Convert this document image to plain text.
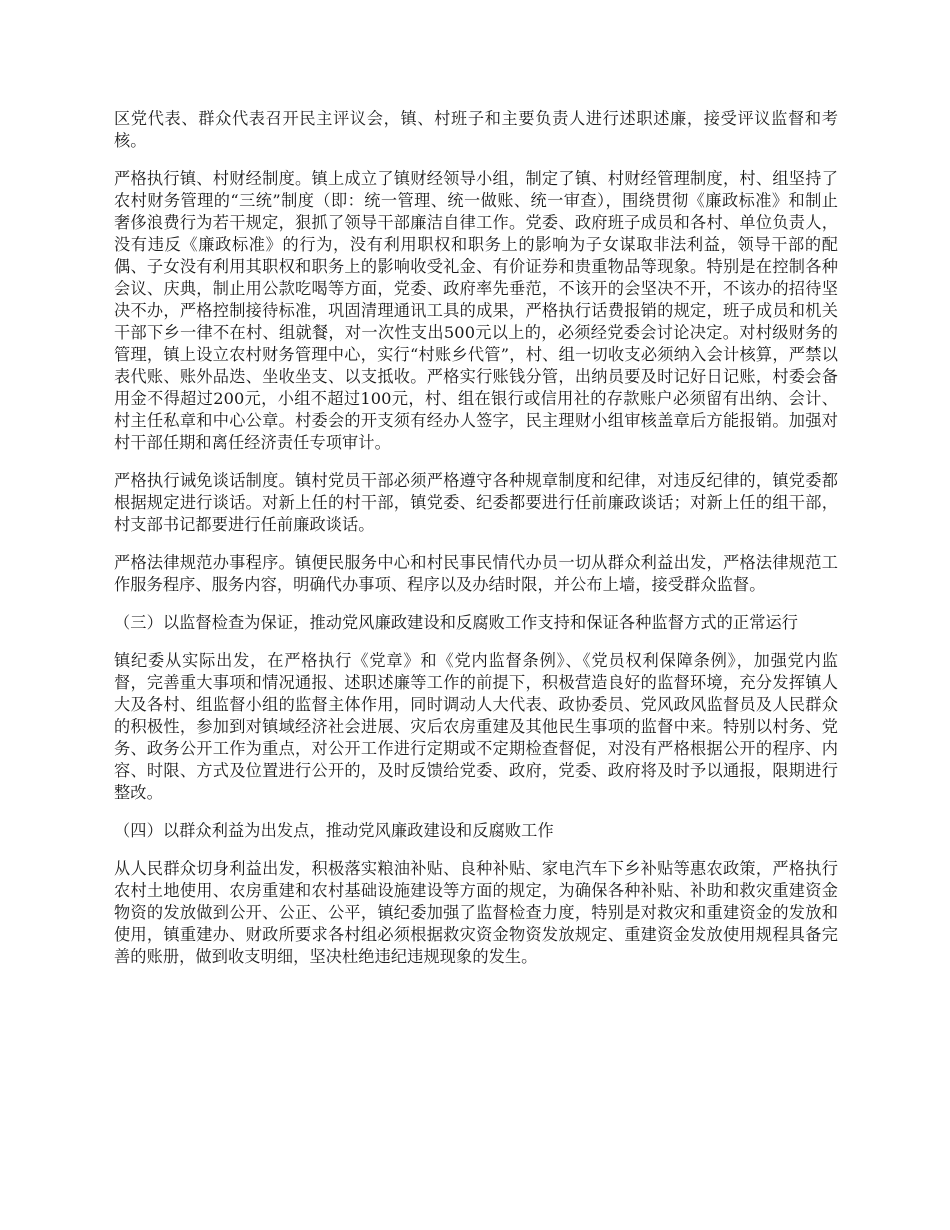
区党代表、群众代表召开民主评议会，镇、村班子和主要负责人进行述职述廉，接受评议监督和考核。

严格执行镇、村财经制度。镇上成立了镇财经领导小组，制定了镇、村财经管理制度，村、组坚持了农村财务管理的“三统”制度（即：统一管理、统一做账、统一审查），围绕贯彻《廉政标准》和制止奢侈浪费行为若干规定，狠抓了领导干部廉洁自律工作。党委、政府班子成员和各村、单位负责人，没有违反《廉政标准》的行为，没有利用职权和职务上的影响为子女谋取非法利益，领导干部的配偶、子女没有利用其职权和职务上的影响收受礼金、有价证券和贵重物品等现象。特别是在控制各种会议、庆典，制止用公款吃喝等方面，党委、政府率先垂范，不该开的会坚决不开，不该办的招待坚决不办，严格控制接待标准，巩固清理通讯工具的成果，严格执行话费报销的规定，班子成员和机关干部下乡一律不在村、组就餐，对一次性支出500元以上的，必须经党委会讨论决定。对村级财务的管理，镇上设立农村财务管理中心，实行“村账乡代管”，村、组一切收支必须纳入会计核算，严禁以表代账、账外品迭、坐收坐支、以支抵收。严格实行账钱分管，出纳员要及时记好日记账，村委会备用金不得超过200元，小组不超过100元，村、组在银行或信用社的存款账户必须留有出纳、会计、村主任私章和中心公章。村委会的开支须有经办人签字，民主理财小组审核盖章后方能报销。加强对村干部任期和离任经济责任专项审计。

严格执行诫免谈话制度。镇村党员干部必须严格遵守各种规章制度和纪律，对违反纪律的，镇党委都根据规定进行谈话。对新上任的村干部，镇党委、纪委都要进行任前廉政谈话；对新上任的组干部，村支部书记都要进行任前廉政谈话。

严格法律规范办事程序。镇便民服务中心和村民事民情代办员一切从群众利益出发，严格法律规范工作服务程序、服务内容，明确代办事项、程序以及办结时限，并公布上墙，接受群众监督。

（三）以监督检查为保证，推动党风廉政建设和反腐败工作支持和保证各种监督方式的正常运行

镇纪委从实际出发，在严格执行《党章》和《党内监督条例》、《党员权利保障条例》，加强党内监督，完善重大事项和情况通报、述职述廉等工作的前提下，积极营造良好的监督环境，充分发挥镇人大及各村、组监督小组的监督主体作用，同时调动人大代表、政协委员、党风政风监督员及人民群众的积极性，参加到对镇域经济社会进展、灾后农房重建及其他民生事项的监督中来。特别以村务、党务、政务公开工作为重点，对公开工作进行定期或不定期检查督促，对没有严格根据公开的程序、内容、时限、方式及位置进行公开的，及时反馈给党委、政府，党委、政府将及时予以通报，限期进行整改。

（四）以群众利益为出发点，推动党风廉政建设和反腐败工作

从人民群众切身利益出发，积极落实粮油补贴、良种补贴、家电汽车下乡补贴等惠农政策，严格执行农村土地使用、农房重建和农村基础设施建设等方面的规定，为确保各种补贴、补助和救灾重建资金物资的发放做到公开、公正、公平，镇纪委加强了监督检查力度，特别是对救灾和重建资金的发放和使用，镇重建办、财政所要求各村组必须根据救灾资金物资发放规定、重建资金发放使用规程具备完善的账册，做到收支明细，坚决杜绝违纪违规现象的发生。
